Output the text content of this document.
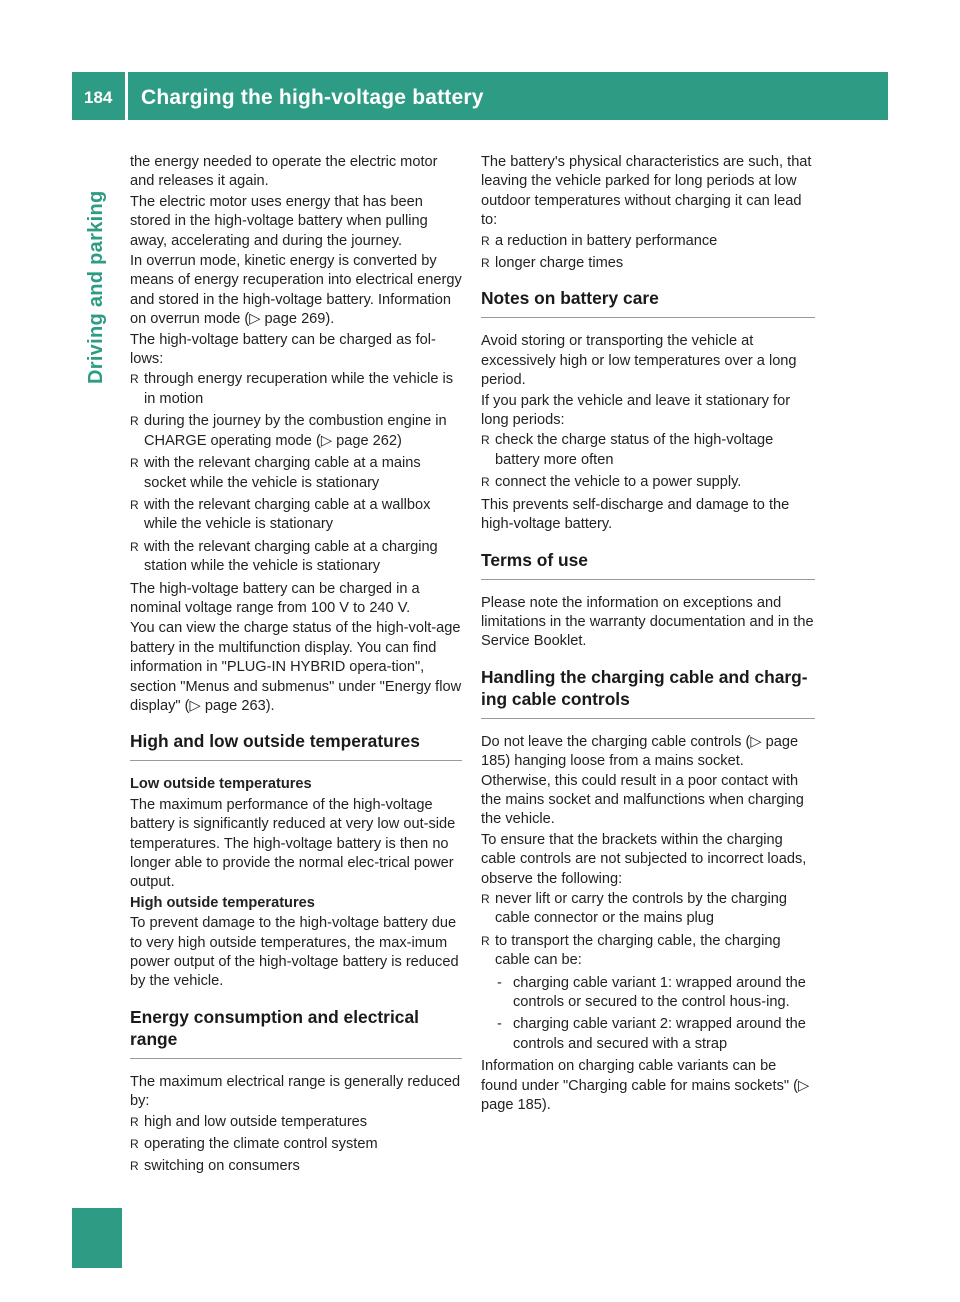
184 Charging the high-voltage battery
Driving and parking
the energy needed to operate the electric motor and releases it again.
The electric motor uses energy that has been stored in the high-voltage battery when pulling away, accelerating and during the journey.
In overrun mode, kinetic energy is converted by means of energy recuperation into electrical energy and stored in the high-voltage battery. Information on overrun mode (▷ page 269).
The high-voltage battery can be charged as fol-lows:
R through energy recuperation while the vehicle is in motion
R during the journey by the combustion engine in CHARGE operating mode (▷ page 262)
R with the relevant charging cable at a mains socket while the vehicle is stationary
R with the relevant charging cable at a wallbox while the vehicle is stationary
R with the relevant charging cable at a charging station while the vehicle is stationary
The high-voltage battery can be charged in a nominal voltage range from 100 V to 240 V.
You can view the charge status of the high-volt-age battery in the multifunction display. You can find information in "PLUG-IN HYBRID opera-tion", section "Menus and submenus" under "Energy flow display" (▷ page 263).
High and low outside temperatures
Low outside temperatures
The maximum performance of the high-voltage battery is significantly reduced at very low out-side temperatures. The high-voltage battery is then no longer able to provide the normal elec-trical power output.
High outside temperatures
To prevent damage to the high-voltage battery due to very high outside temperatures, the max-imum power output of the high-voltage battery is reduced by the vehicle.
Energy consumption and electrical range
The maximum electrical range is generally reduced by:
R high and low outside temperatures
R operating the climate control system
R switching on consumers
The battery's physical characteristics are such, that leaving the vehicle parked for long periods at low outdoor temperatures without charging it can lead to:
R a reduction in battery performance
R longer charge times
Notes on battery care
Avoid storing or transporting the vehicle at excessively high or low temperatures over a long period.
If you park the vehicle and leave it stationary for long periods:
R check the charge status of the high-voltage battery more often
R connect the vehicle to a power supply.
This prevents self-discharge and damage to the high-voltage battery.
Terms of use
Please note the information on exceptions and limitations in the warranty documentation and in the Service Booklet.
Handling the charging cable and charg-ing cable controls
Do not leave the charging cable controls (▷ page 185) hanging loose from a mains socket. Otherwise, this could result in a poor contact with the mains socket and malfunctions when charging the vehicle.
To ensure that the brackets within the charging cable controls are not subjected to incorrect loads, observe the following:
R never lift or carry the controls by the charging cable connector or the mains plug
R to transport the charging cable, the charging cable can be:
- charging cable variant 1: wrapped around the controls or secured to the control hous-ing.
- charging cable variant 2: wrapped around the controls and secured with a strap
Information on charging cable variants can be found under "Charging cable for mains sockets" (▷ page 185).
